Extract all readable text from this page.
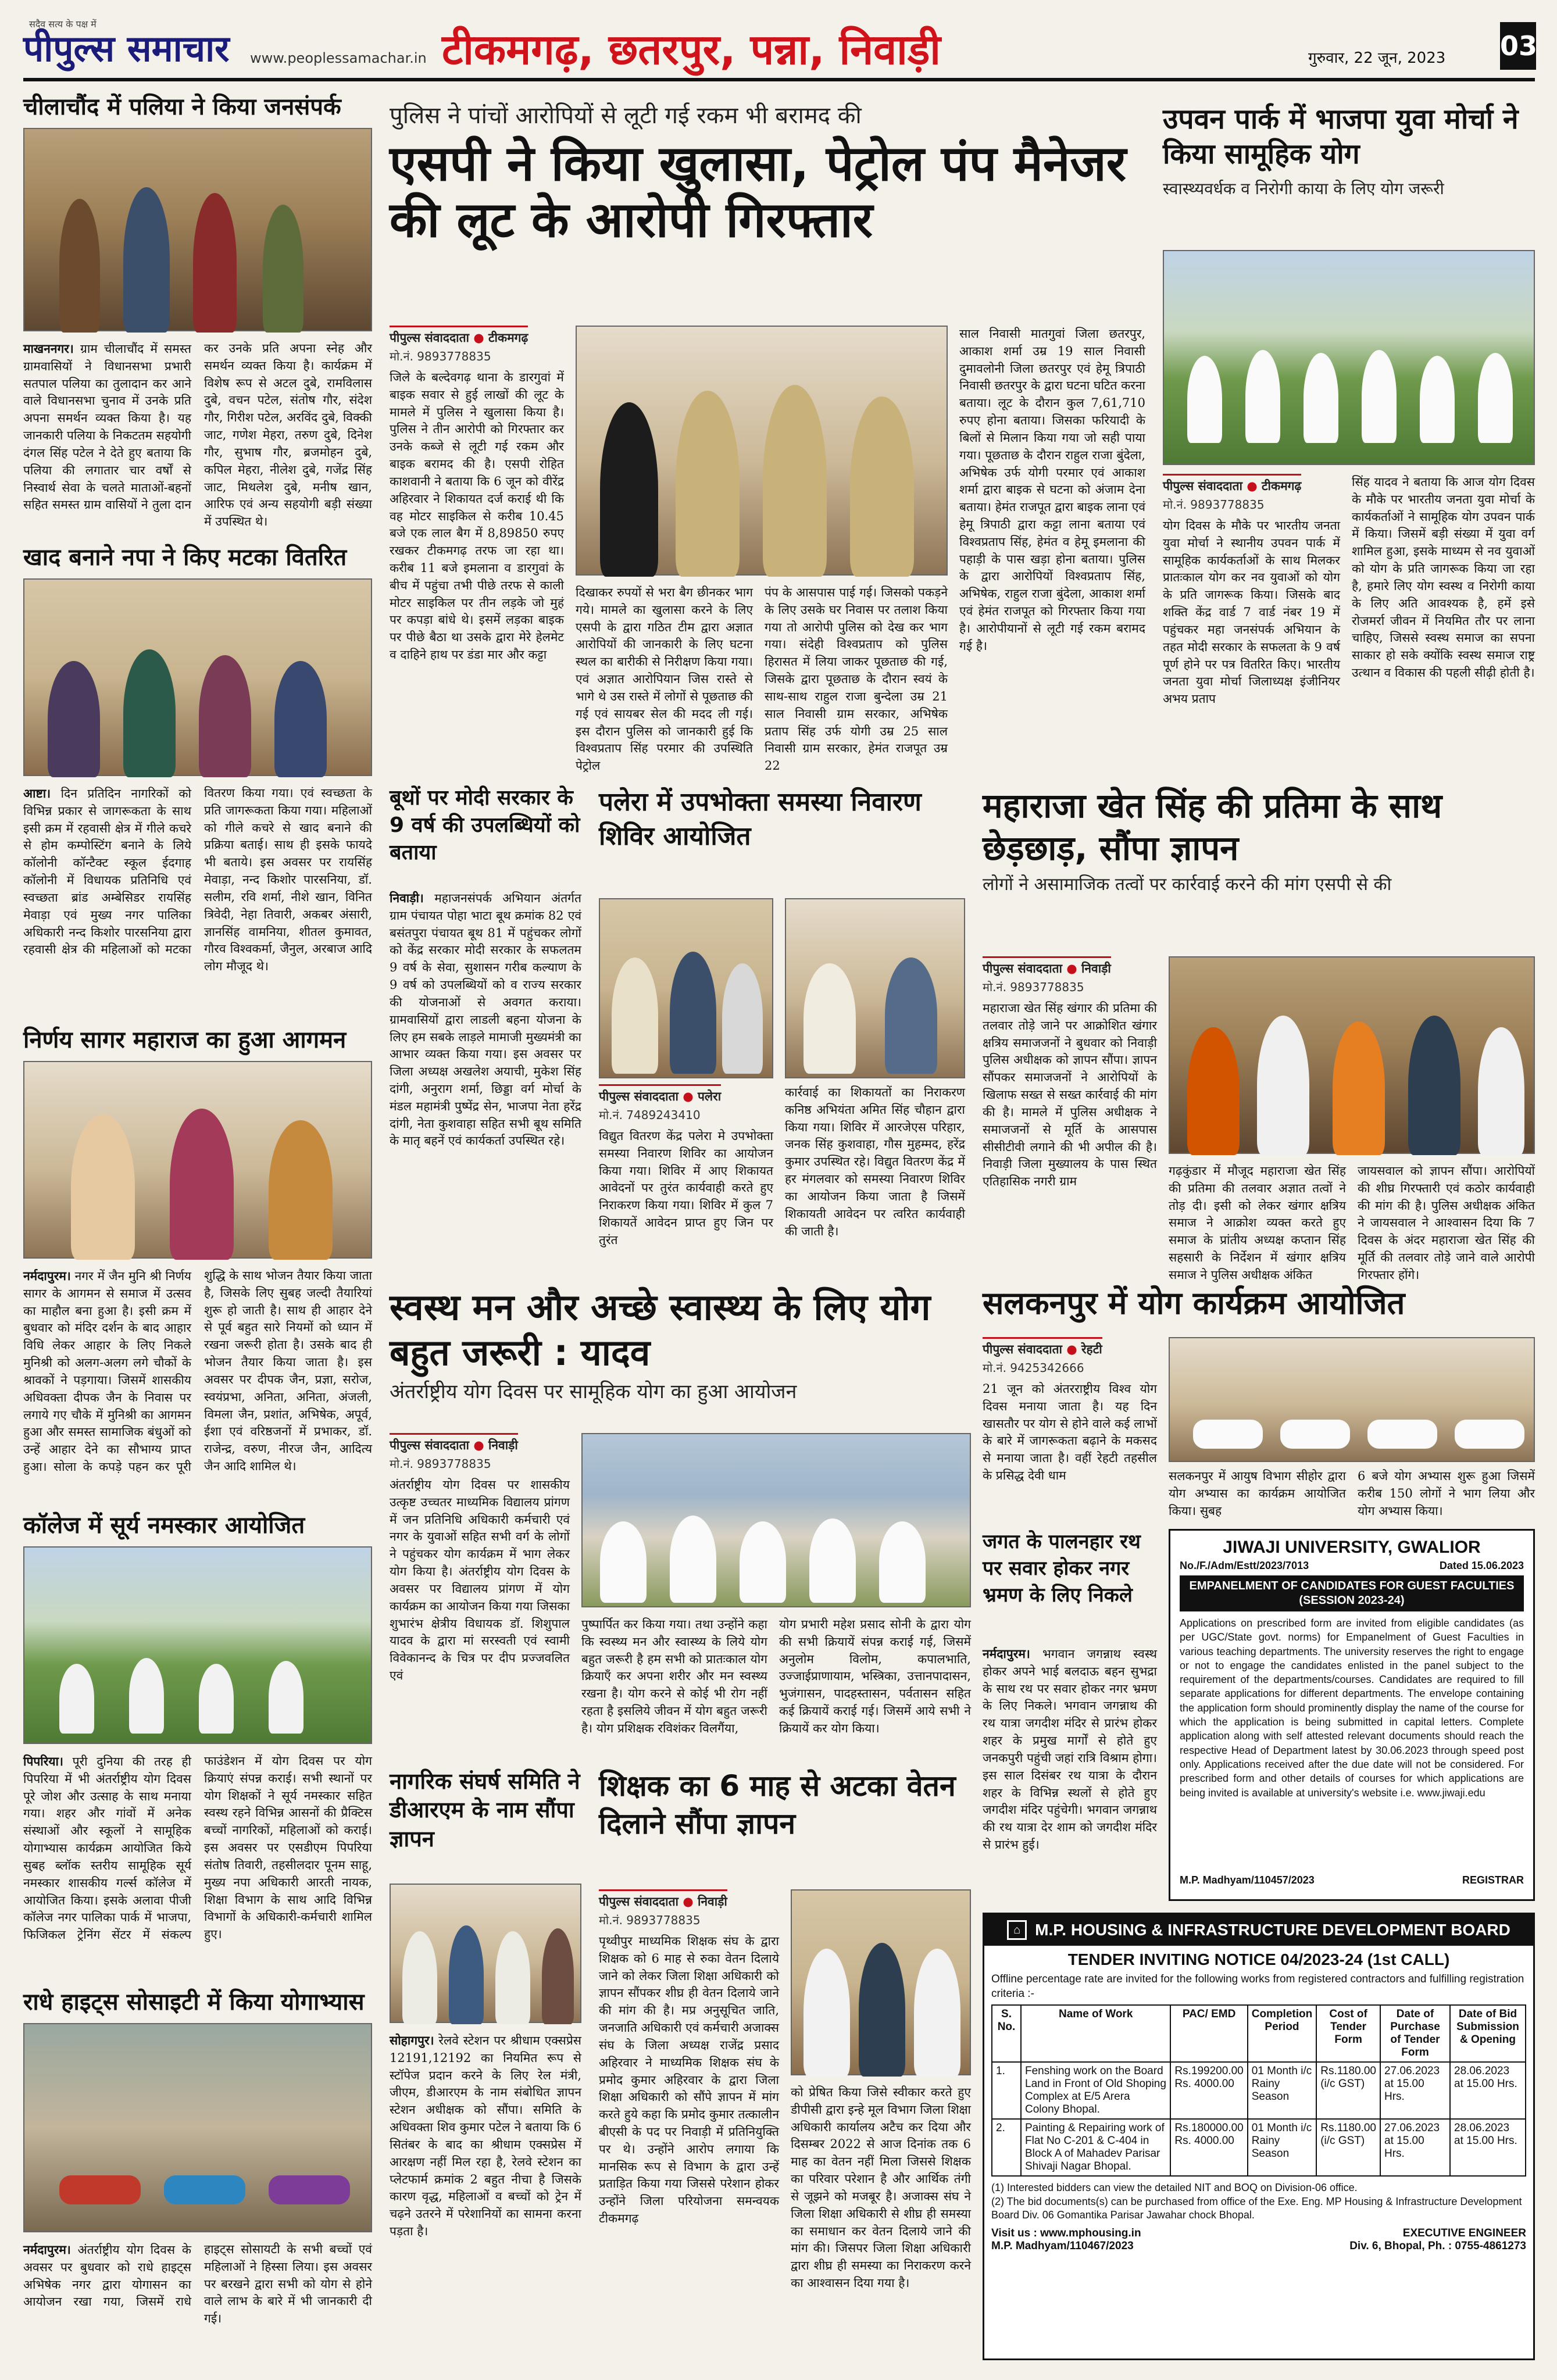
सदैव सत्य के पक्ष में
पीपुल्स समाचार www.peoplessamachar.in टीकमगढ़, छतरपुर, पन्ना, निवाड़ी	गुरुवार, 22 जून, 2023 03
चीलाचौंद में पलिया ने किया जनसंपर्क
माखननगर। ग्राम चीलाचौंद में समस्त ग्रामवासियों ने विधानसभा प्रभारी सतपाल पलिया का तुलादान कर आने वाले विधानसभा चुनाव में उनके प्रति अपना समर्थन व्यक्त किया है। यह जानकारी पलिया के निकटतम सहयोगी दंगल सिंह पटेल ने देते हुए बताया कि पलिया की लगातार चार वर्षों से निस्वार्थ सेवा के चलते माताओं-बहनों सहित समस्त ग्राम वासियों ने तुला दान कर उनके प्रति अपना स्नेह और समर्थन व्यक्त किया है। कार्यक्रम में विशेष रूप से अटल दुबे, रामविलास दुबे, वचन पटेल, संतोष गौर, संदेश गौर, गिरीश पटेल, अरविंद दुबे, विक्की जाट, गणेश मेहरा, तरुण दुबे, दिनेश गौर, सुभाष गौर, ब्रजमोहन दुबे, कपिल मेहरा, नीलेश दुबे, गजेंद्र सिंह जाट, मिथलेश दुबे, मनीष खान, आरिफ एवं अन्य सहयोगी बड़ी संख्या में उपस्थित थे।
खाद बनाने नपा ने किए मटका वितरित
आष्टा। दिन प्रतिदिन नागरिकों को विभिन्न प्रकार से जागरूकता के साथ इसी क्रम में रहवासी क्षेत्र में गीले कचरे से होम कम्पोस्टिंग बनाने के लिये कॉलोनी कॉन्टैक्ट स्कूल ईदगाह कॉलोनी में विधायक प्रतिनिधि एवं स्वच्छता ब्रांड अम्बेसिडर रायसिंह मेवाड़ा एवं मुख्य नगर पालिका अधिकारी नन्द किशोर पारसनिया द्वारा रहवासी क्षेत्र की महिलाओं को मटका वितरण किया गया। एवं स्वच्छता के प्रति जागरूकता किया गया। महिलाओं को गीले कचरे से खाद बनाने की प्रक्रिया बताई। साथ ही इसके फायदे भी बताये। इस अवसर पर रायसिंह मेवाड़ा, नन्द किशोर पारसनिया, डॉ. सलीम, रवि शर्मा, नीशे खान, विनित त्रिवेदी, नेहा तिवारी, अकबर अंसारी, ज्ञानसिंह वामनिया, शीतल कुमावत, गौरव विश्वकर्मा, जैनुल, अरबाज आदि लोग मौजूद थे।
निर्णय सागर महाराज का हुआ आगमन
नर्मदापुरम। नगर में जैन मुनि श्री निर्णय सागर के आगमन से समाज में उत्सव का माहौल बना हुआ है। इसी क्रम में बुधवार को मंदिर दर्शन के बाद आहार विधि लेकर आहार के लिए निकले मुनिश्री को अलग-अलग लगे चौकों के श्रावकों ने पड़गाया। जिसमें शासकीय अधिवक्ता दीपक जैन के निवास पर लगाये गए चौके में मुनिश्री का आगमन हुआ और समस्त सामाजिक बंधुओं को उन्हें आहार देने का सौभाग्य प्राप्त हुआ। सोला के कपड़े पहन कर पूरी शुद्धि के साथ भोजन तैयार किया जाता है, जिसके लिए सुबह जल्दी तैयारियां शुरू हो जाती है। साथ ही आहार देने से पूर्व बहुत सारे नियमों को ध्यान में रखना जरूरी होता है। उसके बाद ही भोजन तैयार किया जाता है। इस अवसर पर दीपक जैन, प्रज्ञा, सरोज, स्वयंप्रभा, अनिता, अनिता, अंजली, विमला जैन, प्रशांत, अभिषेक, अपूर्व, ईशा एवं वरिष्ठजनों में प्रभाकर, डॉ. राजेन्द्र, वरुण, नीरज जैन, आदित्य जैन आदि शामिल थे।
कॉलेज में सूर्य नमस्कार आयोजित
पिपरिया। पूरी दुनिया की तरह ही पिपरिया में भी अंतर्राष्ट्रीय योग दिवस पूरे जोश और उत्साह के साथ मनाया गया। शहर और गांवों में अनेक संस्थाओं और स्कूलों ने सामूहिक योगाभ्यास कार्यक्रम आयोजित किये सुबह ब्लॉक स्तरीय सामूहिक सूर्य नमस्कार शासकीय गर्ल्स कॉलेज में आयोजित किया। इसके अलावा पीजी कॉलेज नगर पालिका पार्क में भाजपा, फिजिकल ट्रेनिंग सेंटर में संकल्प फाउंडेशन में योग दिवस पर योग क्रियाएं संपन्न कराई। सभी स्थानों पर योग शिक्षकों ने सूर्य नमस्कार सहित स्वस्थ रहने विभिन्न आसनों की प्रैक्टिस बच्चों नागरिकों, महिलाओं को कराई। इस अवसर पर एसडीएम पिपरिया संतोष तिवारी, तहसीलदार पूनम साहू, मुख्य नपा अधिकारी आरती नायक, शिक्षा विभाग के साथ आदि विभिन्न विभागों के अधिकारी-कर्मचारी शामिल हुए।
राधे हाइट्स सोसाइटी में किया योगाभ्यास
नर्मदापुरम। अंतर्राष्ट्रीय योग दिवस के अवसर पर बुधवार को राधे हाइट्स अभिषेक नगर द्वारा योगासन का आयोजन रखा गया, जिसमें राधे हाइट्स सोसायटी के सभी बच्चों एवं महिलाओं ने हिस्सा लिया। इस अवसर पर बरखने द्वारा सभी को योग से होने वाले लाभ के बारे में भी जानकारी दी गई।
पुलिस ने पांचों आरोपियों से लूटी गई रकम भी बरामद की
एसपी ने किया खुलासा, पेट्रोल पंप मैनेजर की लूट के आरोपी गिरफ्तार
पीपुल्स संवाददाता ● टीकमगढ़
मो.नं. 9893778835
जिले के बल्देवगढ़ थाना के डारगुवां में बाइक सवार से हुई लाखों की लूट के मामले में पुलिस ने खुलासा किया है। पुलिस ने तीन आरोपी को गिरफ्तार कर उनके कब्जे से लूटी गई रकम और बाइक बरामद की है। एसपी रोहित काशवानी ने बताया कि 6 जून को वीरेंद्र अहिरवार ने शिकायत दर्ज कराई थी कि वह मोटर साइकिल से करीब 10.45 बजे एक लाल बैग में 8,89850 रुपए रखकर टीकमगढ़ तरफ जा रहा था। करीब 11 बजे इमलाना व डारगुवां के बीच में पहुंचा तभी पीछे तरफ से काली मोटर साइकिल पर तीन लड़के जो मुहं पर कपड़ा बांधे थे। इसमें लड़का बाइक पर पीछे बैठा था उसके द्वारा मेरे हेलमेट व दाहिने हाथ पर डंडा मार और कट्टा
दिखाकर रुपयों से भरा बैग छीनकर भाग गये। मामले का खुलासा करने के लिए एसपी के द्वारा गठित टीम द्वारा अज्ञात आरोपियों की जानकारी के लिए घटना स्थल का बारीकी से निरीक्षण किया गया। एवं अज्ञात आरोपियान जिस रास्ते से भागे थे उस रास्ते में लोगों से पूछताछ की गई एवं सायबर सेल की मदद ली गई। इस दौरान पुलिस को जानकारी हुई कि विश्वप्रताप सिंह परमार की उपस्थिति पेट्रोल
पंप के आसपास पाई गई। जिसको पकड़ने के लिए उसके घर निवास पर तलाश किया गया तो आरोपी पुलिस को देख कर भाग गया। संदेही विश्वप्रताप को पुलिस हिरासत में लिया जाकर पूछताछ की गई, जिसके द्वारा पूछताछ के दौरान स्वयं के साथ-साथ राहुल राजा बुन्देला उम्र 21 साल निवासी ग्राम सरकार, अभिषेक प्रताप सिंह उर्फ योगी उम्र 25 साल निवासी ग्राम सरकार, हेमंत राजपूत उम्र 22
साल निवासी मातगुवां जिला छतरपुर, आकाश शर्मा उम्र 19 साल निवासी दुमावलोनी जिला छतरपुर एवं हेमू त्रिपाठी निवासी छतरपुर के द्वारा घटना घटित करना बताया। लूट के दौरान कुल 7,61,710 रुपए होना बताया। जिसका फरियादी के बिलों से मिलान किया गया जो सही पाया गया। पूछताछ के दौरान राहुल राजा बुंदेला, अभिषेक उर्फ योगी परमार एवं आकाश शर्मा द्वारा बाइक से घटना को अंजाम देना बताया। हेमंत राजपूत द्वारा बाइक लाना एवं हेमू त्रिपाठी द्वारा कट्टा लाना बताया एवं विश्वप्रताप सिंह, हेमंत व हेमू इमलाना की पहाड़ी के पास खड़ा होना बताया। पुलिस के द्वारा आरोपियों विश्वप्रताप सिंह, अभिषेक, राहुल राजा बुंदेला, आकाश शर्मा एवं हेमंत राजपूत को गिरफ्तार किया गया है। आरोपीयानों से लूटी गई रकम बरामद गई है।
उपवन पार्क में भाजपा युवा मोर्चा ने किया सामूहिक योग
स्वास्थ्यवर्धक व निरोगी काया के लिए योग जरूरी
पीपुल्स संवाददाता ● टीकमगढ़
मो.नं. 9893778835
योग दिवस के मौके पर भारतीय जनता युवा मोर्चा ने स्थानीय उपवन पार्क में सामूहिक कार्यकर्ताओं के साथ मिलकर प्रातःकाल योग कर नव युवाओं को योग के प्रति जागरूक किया। जिसके बाद शक्ति केंद्र वार्ड 7 वार्ड नंबर 19 में पहुंचकर महा जनसंपर्क अभियान के तहत मोदी सरकार के सफलता के 9 वर्ष पूर्ण होने पर पत्र वितरित किए। भारतीय जनता युवा मोर्चा जिलाध्यक्ष इंजीनियर अभय प्रताप
सिंह यादव ने बताया कि आज योग दिवस के मौके पर भारतीय जनता युवा मोर्चा के कार्यकर्ताओं ने सामूहिक योग उपवन पार्क में किया। जिसमें बड़ी संख्या में युवा वर्ग शामिल हुआ, इसके माध्यम से नव युवाओं को योग के प्रति जागरूक किया जा रहा है, हमारे लिए योग स्वस्थ व निरोगी काया के लिए अति आवश्यक है, हमें इसे रोजमर्रा जीवन में नियमित तौर पर लाना चाहिए, जिससे स्वस्थ समाज का सपना साकार हो सके क्योंकि स्वस्थ समाज राष्ट्र उत्थान व विकास की पहली सीढ़ी होती है।
बूथों पर मोदी सरकार के 9 वर्ष की उपलब्धियों को बताया
निवाड़ी। महाजनसंपर्क अभियान अंतर्गत ग्राम पंचायत पोहा भाटा बूथ क्रमांक 82 एवं बसंतपुरा पंचायत बूथ 81 में पहुंचकर लोगों को केंद्र सरकार मोदी सरकार के सफलतम 9 वर्ष के सेवा, सुशासन गरीब कल्याण के 9 वर्ष को उपलब्धियों को व राज्य सरकार की योजनाओं से अवगत कराया। ग्रामवासियों द्वारा लाडली बहना योजना के लिए हम सबके लाड़ले मामाजी मुख्यमंत्री का आभार व्यक्त किया गया। इस अवसर पर जिला अध्यक्ष अखलेश अयाची, मुकेश सिंह दांगी, अनुराग शर्मा, छिड्डा वर्ग मोर्चा के मंडल महामंत्री पुष्पेंद्र सेन, भाजपा नेता हरेंद्र दांगी, नेता कुशवाहा सहित सभी बूथ समिति के मातृ बहनें एवं कार्यकर्ता उपस्थित रहे।
पलेरा में उपभोक्ता समस्या निवारण शिविर आयोजित
पीपुल्स संवाददाता ● पलेरा
मो.नं. 7489243410
विद्युत वितरण केंद्र पलेरा मे उपभोक्ता समस्या निवारण शिविर का आयोजन किया गया। शिविर में आए शिकायत आवेदनों पर तुरंत कार्यवाही करते हुए निराकरण किया गया। शिविर में कुल 7 शिकायतें आवेदन प्राप्त हुए जिन पर तुरंत
कार्रवाई का शिकायतों का निराकरण कनिष्ठ अभियंता अमित सिंह चौहान द्वारा किया गया। शिविर में आरजेएस परिहार, जनक सिंह कुशवाहा, गौस मुहम्मद, हरेंद्र कुमार उपस्थित रहे। विद्युत वितरण केंद्र में हर मंगलवार को समस्या निवारण शिविर का आयोजन किया जाता है जिसमें शिकायती आवेदन पर त्वरित कार्यवाही की जाती है।
महाराजा खेत सिंह की प्रतिमा के साथ छेड़छाड़, सौंपा ज्ञापन
लोगों ने असामाजिक तत्वों पर कार्रवाई करने की मांग एसपी से की
पीपुल्स संवाददाता ● निवाड़ी
मो.नं. 9893778835
महाराजा खेत सिंह खंगार की प्रतिमा की तलवार तोड़े जाने पर आक्रोशित खंगार क्षत्रिय समाजजनों ने बुधवार को निवाड़ी पुलिस अधीक्षक को ज्ञापन सौंपा। ज्ञापन सौंपकर समाजजनों ने आरोपियों के खिलाफ सख्त से सख्त कार्रवाई की मांग की है। मामले में पुलिस अधीक्षक ने समाजजनों से मूर्ति के आसपास सीसीटीवी लगाने की भी अपील की है। निवाड़ी जिला मुख्यालय के पास स्थित एतिहासिक नगरी ग्राम
गढ़कुंडार में मौजूद महाराजा खेत सिंह की प्रतिमा की तलवार अज्ञात तत्वों ने तोड़ दी। इसी को लेकर खंगार क्षत्रिय समाज ने आक्रोश व्यक्त करते हुए समाज के प्रांतीय अध्यक्ष कप्तान सिंह सहसारी के निर्देशन में खंगार क्षत्रिय समाज ने पुलिस अधीक्षक अंकित
जायसवाल को ज्ञापन सौंपा। आरोपियों की शीघ्र गिरफ्तारी एवं कठोर कार्यवाही की मांग की है। पुलिस अधीक्षक अंकित ने जायसवाल ने आश्वासन दिया कि 7 दिवस के अंदर महाराजा खेत सिंह की मूर्ति की तलवार तोड़े जाने वाले आरोपी गिरफ्तार होंगे।
स्वस्थ मन और अच्छे स्वास्थ्य के लिए योग बहुत जरूरी : यादव
अंतर्राष्ट्रीय योग दिवस पर सामूहिक योग का हुआ आयोजन
पीपुल्स संवाददाता ● निवाड़ी
मो.नं. 9893778835
अंतर्राष्ट्रीय योग दिवस पर शासकीय उत्कृष्ट उच्चतर माध्यमिक विद्यालय प्रांगण में जन प्रतिनिधि अधिकारी कर्मचारी एवं नगर के युवाओं सहित सभी वर्ग के लोगों ने पहुंचकर योग कार्यक्रम में भाग लेकर योग किया है। अंतर्राष्ट्रीय योग दिवस के अवसर पर विद्यालय प्रांगण में योग कार्यक्रम का आयोजन किया गया जिसका शुभारंभ क्षेत्रीय विधायक डॉ. शिशुपाल यादव के द्वारा मां सरस्वती एवं स्वामी विवेकानन्द के चित्र पर दीप प्रज्जवलित एवं
पुष्पार्पित कर किया गया। तथा उन्होंने कहा कि स्वस्थ्य मन और स्वास्थ्य के लिये योग बहुत जरूरी है हम सभी को प्रातःकाल योग क्रियाएँ कर अपना शरीर और मन स्वस्थ्य रखना है। योग करने से कोई भी रोग नहीं रहता है इसलिये जीवन में योग बहुत जरूरी है। योग प्रशिक्षक रविशंकर विलगैंया,
योग प्रभारी महेश प्रसाद सोनी के द्वारा योग की सभी क्रियायें संपन्न कराई गई, जिसमें अनुलोम विलोम, कपालभाति, उज्जाईप्राणायाम, भस्त्रिका, उत्तानपादासन, भुजंगासन, पादहस्तासन, पर्वतासन सहित कई क्रियायें कराई गई। जिसमें आये सभी ने क्रियायें कर योग किया।
नागरिक संघर्ष समिति ने डीआरएम के नाम सौंपा ज्ञापन
सोहागपुर। रेलवे स्टेशन पर श्रीधाम एक्सप्रेस 12191,12192 का नियमित रूप से स्टॉपेज प्रदान करने के लिए रेल मंत्री, जीएम, डीआरएम के नाम संबोधित ज्ञापन स्टेशन अधीक्षक को सौंपा। समिति के अधिवक्ता शिव कुमार पटेल ने बताया कि 6 सितंबर के बाद का श्रीधाम एक्सप्रेस में आरक्षण नहीं मिल रहा है, रेलवे स्टेशन का प्लेटफार्म क्रमांक 2 बहुत नीचा है जिसके कारण वृद्ध, महिलाओं व बच्चों को ट्रेन में चढ़ने उतरने में परेशानियों का सामना करना पड़ता है।
शिक्षक का 6 माह से अटका वेतन दिलाने सौंपा ज्ञापन
पीपुल्स संवाददाता ● निवाड़ी
मो.नं. 9893778835
पृथ्वीपुर माध्यमिक शिक्षक संघ के द्वारा शिक्षक को 6 माह से रुका वेतन दिलाये जाने को लेकर जिला शिक्षा अधिकारी को ज्ञापन सौंपकर शीघ्र ही वेतन दिलाये जाने की मांग की है। मप्र अनुसूचित जाति, जनजाति अधिकारी एवं कर्मचारी अजाक्स संघ के जिला अध्यक्ष राजेंद्र प्रसाद अहिरवार ने माध्यमिक शिक्षक संघ के प्रमोद कुमार अहिरवार के द्वारा जिला शिक्षा अधिकारी को सौंपे ज्ञापन में मांग करते हुये कहा कि प्रमोद कुमार तत्कालीन बीएसी के पद पर निवाड़ी में प्रतिनियुक्ति पर थे। उन्होंने आरोप लगाया कि मानसिक रूप से विभाग के द्वारा उन्हें प्रताड़ित किया गया जिससे परेशान होकर उन्होंने जिला परियोजना समन्वयक टीकमगढ़
को प्रेषित किया जिसे स्वीकार करते हुए डीपीसी द्वारा इन्हे मूल विभाग जिला शिक्षा अधिकारी कार्यालय अटैच कर दिया और दिसम्बर 2022 से आज दिनांक तक 6 माह का वेतन नहीं मिला जिससे शिक्षक का परिवार परेशान है और आर्थिक तंगी से जूझने को मजबूर है। अजाक्स संघ ने जिला शिक्षा अधिकारी से शीघ्र ही समस्या का समाधान कर वेतन दिलाये जाने की मांग की। जिसपर जिला शिक्षा अधिकारी द्वारा शीघ्र ही समस्या का निराकरण करने का आश्वासन दिया गया है।
सलकनपुर में योग कार्यक्रम आयोजित
पीपुल्स संवाददाता ● रेहटी
मो.नं. 9425342666
21 जून को अंतरराष्ट्रीय विश्व योग दिवस मनाया जाता है। यह दिन खासतौर पर योग से होने वाले कई लाभों के बारे में जागरूकता बढ़ाने के मकसद से मनाया जाता है। वहीं रेहटी तहसील के प्रसिद्ध देवी धाम	सलकनपुर में आयुष विभाग सीहोर द्वारा योग अभ्यास का कार्यक्रम आयोजित किया। सुबह
6 बजे योग अभ्यास शुरू हुआ जिसमें करीब 150 लोगों ने भाग लिया और योग अभ्यास किया।
जगत के पालनहार रथ पर सवार होकर नगर भ्रमण के लिए निकले
नर्मदापुरम। भगवान जगन्नाथ स्वस्थ होकर अपने भाई बलदाऊ बहन सुभद्रा के साथ रथ पर सवार होकर नगर भ्रमण के लिए निकले। भगवान जगन्नाथ की रथ यात्रा जगदीश मंदिर से प्रारंभ होकर शहर के प्रमुख मार्गों से होते हुए जनकपुरी पहुंची जहां रात्रि विश्राम होगा। इस साल दिसंबर रथ यात्रा के दौरान शहर के विभिन्न स्थलों से होते हुए जगदीश मंदिर पहुंचेगी। भगवान जगन्नाथ की रथ यात्रा देर शाम को जगदीश मंदिर से प्रारंभ हुई।
JIWAJI UNIVERSITY, GWALIOR
No./F./Adm/Estt/2023/7013	Dated 15.06.2023
EMPANELMENT OF CANDIDATES FOR GUEST FACULTIES (SESSION 2023-24)
Applications on prescribed form are invited from eligible candidates (as per UGC/State govt. norms) for Empanelment of Guest Faculties in various teaching departments. The university reserves the right to engage or not to engage the candidates enlisted in the panel subject to the requirement of the departments/courses. Candidates are required to fill separate applications for different departments. The envelope containing the application form should prominently display the name of the course for which the application is being submitted in capital letters. Complete application along with self attested relevant documents should reach the respective Head of Department latest by 30.06.2023 through speed post only. Applications received after the due date will not be considered. For prescribed form and other details of courses for which applications are being invited is available at university's website i.e. www.jiwaji.edu
M.P. Madhyam/110457/2023	REGISTRAR
⌂ M.P. HOUSING & INFRASTRUCTURE DEVELOPMENT BOARD
TENDER INVITING NOTICE 04/2023-24 (1st CALL)
Offline percentage rate are invited for the following works from registered contractors and fulfilling registration criteria :-
S. No.	Name of Work	PAC/ EMD	Completion Period	Cost of Tender Form	Date of Purchase of Tender Form	Date of Bid Submission & Opening
1.	Fenshing work on the Board Land in Front of Old Shoping Complex at E/5 Arera Colony Bhopal.	Rs.199200.00 Rs. 4000.00	01 Month i/c Rainy Season	Rs.1180.00 (i/c GST)	27.06.2023 at 15.00 Hrs.	28.06.2023 at 15.00 Hrs.
2.	Painting & Repairing work of Flat No C-201 & C-404 in Block A of Mahadev Parisar Shivaji Nagar Bhopal.	Rs.180000.00 Rs. 4000.00	01 Month i/c Rainy Season	Rs.1180.00 (i/c GST)	27.06.2023 at 15.00 Hrs.	28.06.2023 at 15.00 Hrs.
(1) Interested bidders can view the detailed NIT and BOQ on Division-06 office.
(2) The bid documents(s) can be purchased from office of the Exe. Eng. MP Housing & Infrastructure Development Board Div. 06 Gomantika Parisar Jawahar chock Bhopal.
Visit us : www.mphousing.in	EXECUTIVE ENGINEER
M.P. Madhyam/110467/2023	Div. 6, Bhopal, Ph. : 0755-4861273
